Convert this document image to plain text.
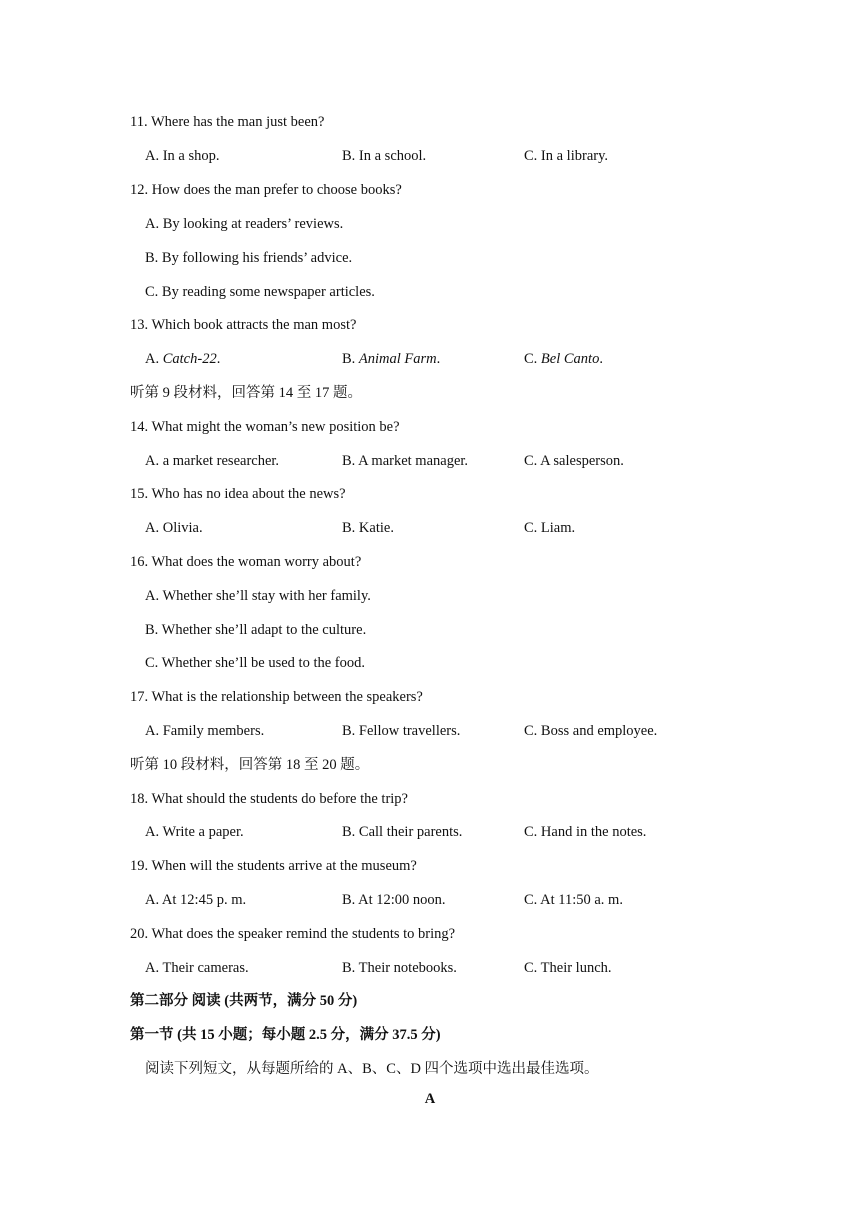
11. Where has the man just been?
A. In a shop.	B. In a school.	C. In a library.
12. How does the man prefer to choose books?
A. By looking at readers’ reviews.
B. By following his friends’ advice.
C. By reading some newspaper articles.
13. Which book attracts the man most?
A. Catch-22.	B. Animal Farm.	C. Bel Canto.
听第 9 段材料，回答第 14 至 17 题。
14. What might the woman’s new position be?
A. a market researcher.	B. A market manager.	C. A salesperson.
15. Who has no idea about the news?
A. Olivia.	B. Katie.	C. Liam.
16. What does the woman worry about?
A. Whether she’ll stay with her family.
B. Whether she’ll adapt to the culture.
C. Whether she’ll be used to the food.
17. What is the relationship between the speakers?
A. Family members.	B. Fellow travellers.	C. Boss and employee.
听第 10 段材料，回答第 18 至 20 题。
18. What should the students do before the trip?
A. Write a paper.	B. Call their parents.	C. Hand in the notes.
19. When will the students arrive at the museum?
A. At 12:45 p. m.	B. At 12:00 noon.	C. At 11:50 a. m.
20. What does the speaker remind the students to bring?
A. Their cameras.	B. Their notebooks.	C. Their lunch.
第二部分 阅读 (共两节，满分 50 分)
第一节 (共 15 小题；每小题 2.5 分，满分 37.5 分)
阅读下列短文，从每题所给的 A、B、C、D 四个选项中选出最佳选项。
A
